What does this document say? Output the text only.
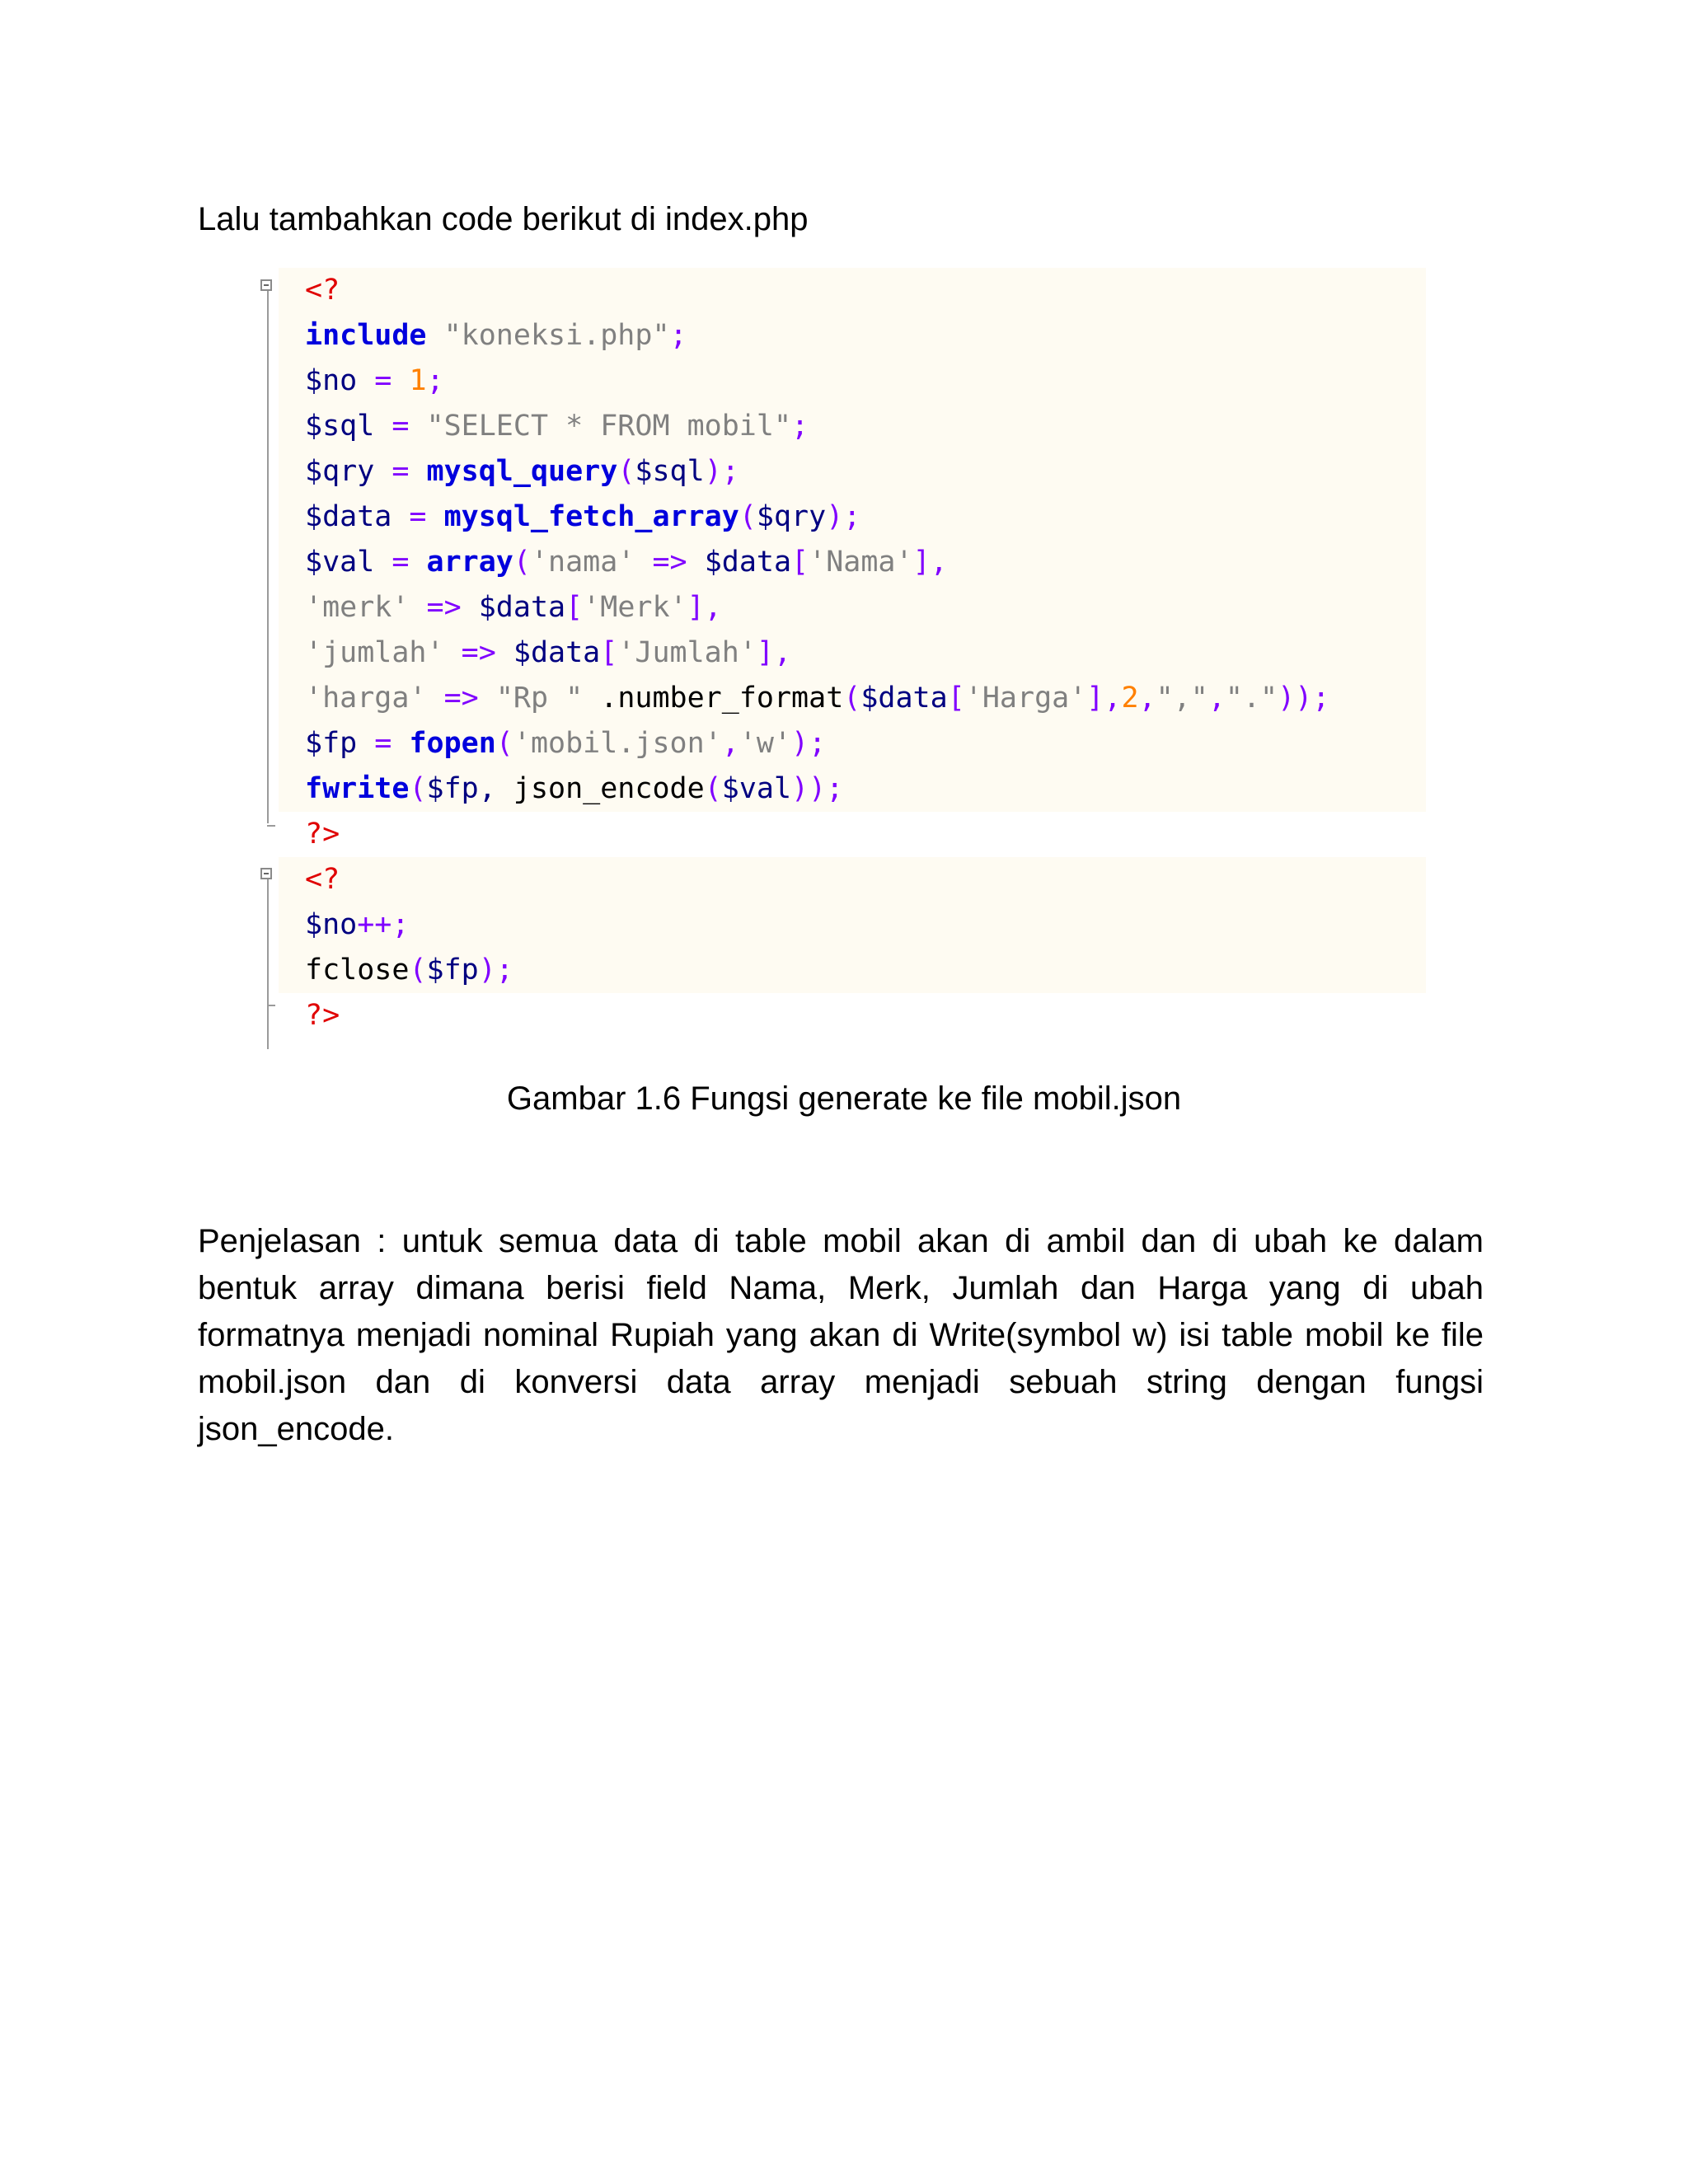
Lalu tambahkan code berikut di index.php

<?
include "koneksi.php";
$no = 1;
$sql = "SELECT * FROM mobil";
$qry = mysql_query($sql);
$data = mysql_fetch_array($qry);
$val = array('nama' => $data['Nama'],
'merk' => $data['Merk'],
'jumlah' => $data['Jumlah'],
'harga' => "Rp " .number_format($data['Harga'],2,",","."));
$fp = fopen('mobil.json','w');
fwrite($fp, json_encode($val));
?>
<?
$no++;
fclose($fp);
?>

Gambar 1.6 Fungsi generate ke file mobil.json

Penjelasan : untuk semua data di table mobil akan di ambil dan di ubah ke dalam bentuk array dimana berisi field Nama, Merk, Jumlah dan Harga yang di ubah formatnya menjadi nominal Rupiah yang akan di Write(symbol w) isi table mobil ke file mobil.json dan di konversi data array menjadi sebuah string dengan fungsi json_encode.
